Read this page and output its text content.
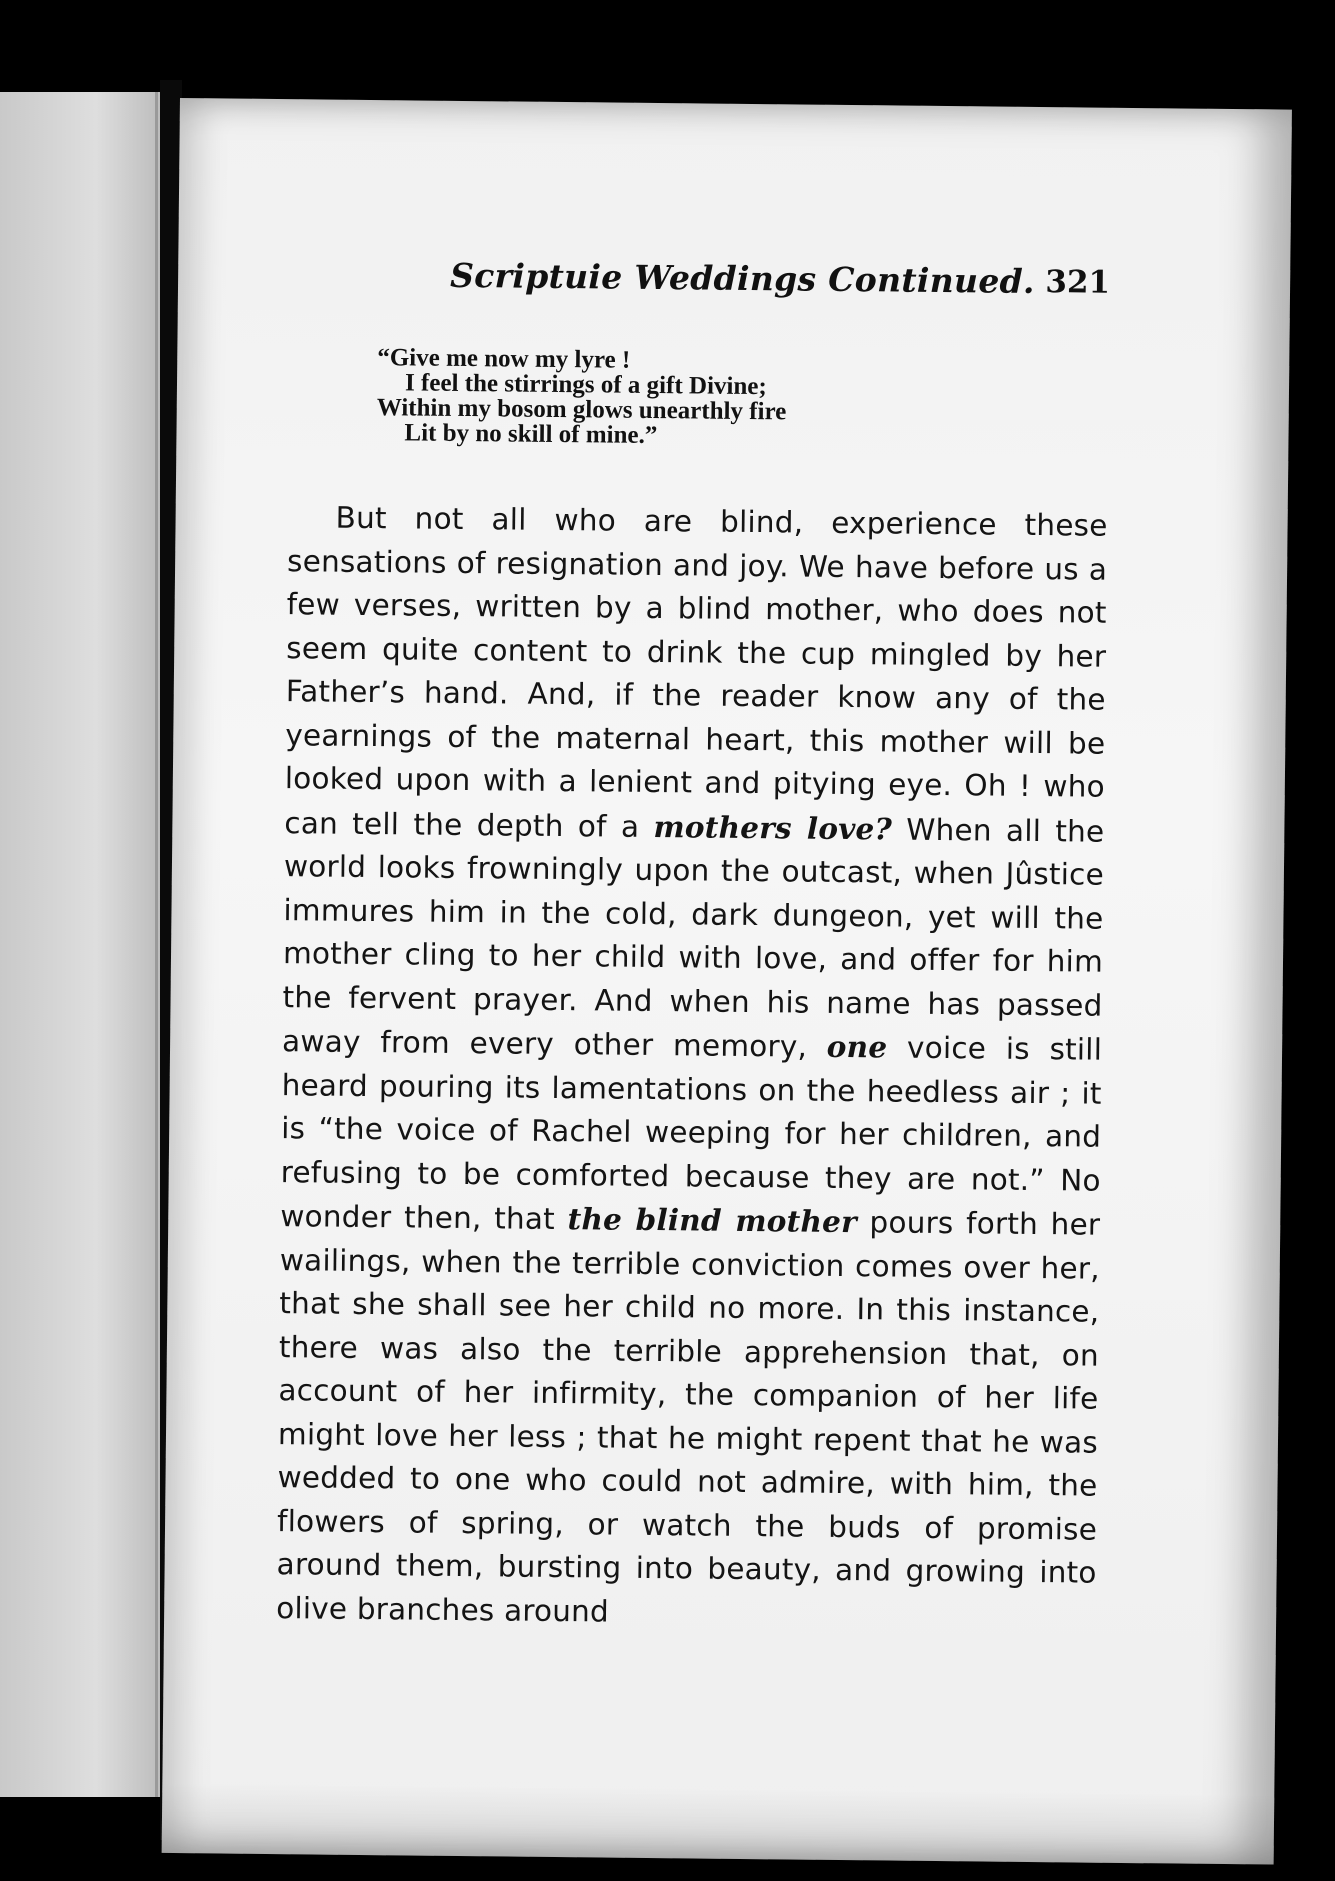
Scriptuie Weddings Continued. 321
“Give me now my lyre !
I feel the stirrings of a gift Divine;
Within my bosom glows unearthly fire
Lit by no skill of mine.”

But not all who are blind, experience these sensations of resignation and joy. We have before us a few verses, written by a blind mother, who does not seem quite content to drink the cup mingled by her Father’s hand. And, if the reader know any of the yearnings of the maternal heart, this mother will be looked upon with a lenient and pitying eye. Oh ! who can tell the depth of a mothers love? When all the world looks frowningly upon the outcast, when Jûstice immures him in the cold, dark dungeon, yet will the mother cling to her child with love, and offer for him the fervent prayer. And when his name has passed away from every other memory, one voice is still heard pouring its lamentations on the heedless air ; it is “the voice of Rachel weeping for her children, and refusing to be comforted because they are not.” No wonder then, that the blind mother pours forth her wailings, when the terrible conviction comes over her, that she shall see her child no more. In this instance, there was also the terrible apprehension that, on account of her infirmity, the companion of her life might love her less ; that he might repent that he was wedded to one who could not admire, with him, the flowers of spring, or watch the buds of promise around them, bursting into beauty, and growing into olive branches around
